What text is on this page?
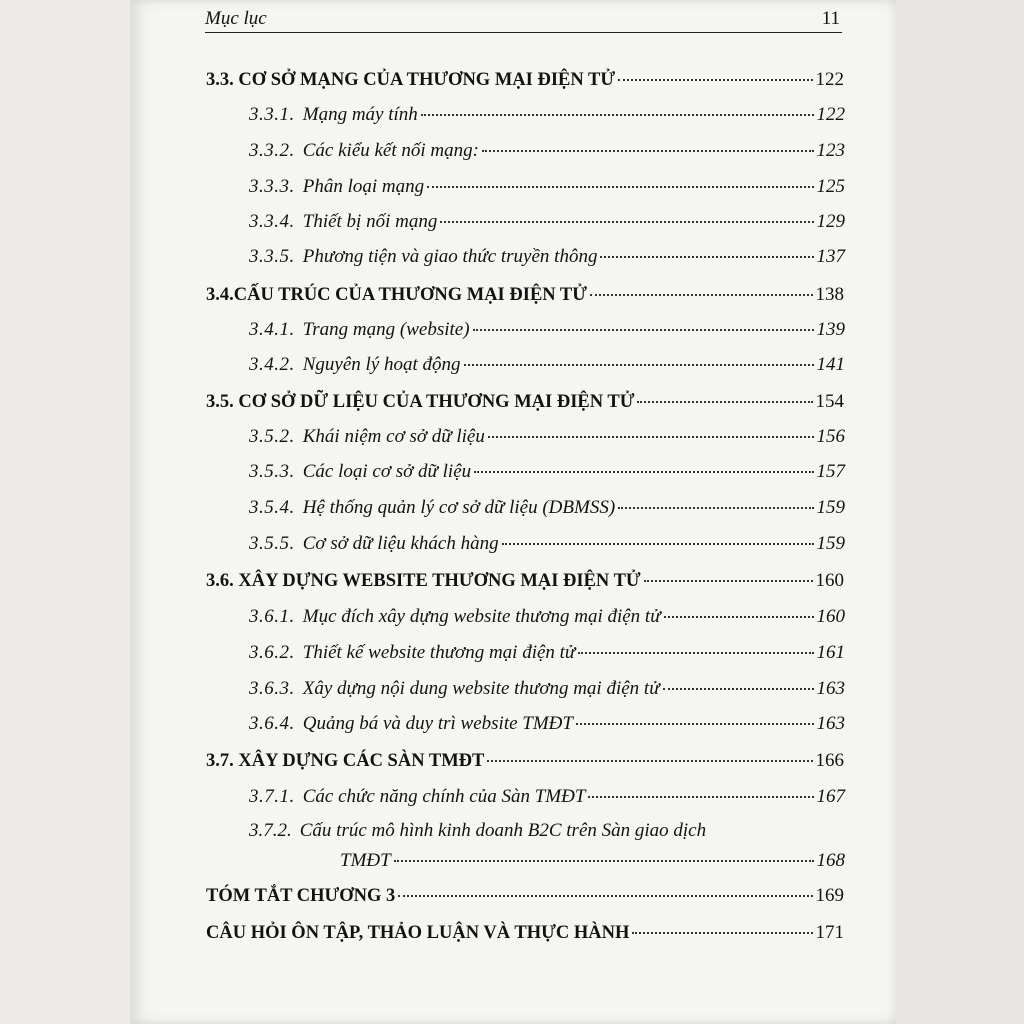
Mục lục	11
3.3. CƠ SỞ MẠNG CỦA THƯƠNG MẠI ĐIỆN TỬ	122
3.3.1. Mạng máy tính	122
3.3.2. Các kiểu kết nối mạng:	123
3.3.3. Phân loại mạng	125
3.3.4. Thiết bị nối mạng	129
3.3.5. Phương tiện và giao thức truyền thông	137
3.4.CẤU TRÚC CỦA THƯƠNG MẠI ĐIỆN TỬ	138
3.4.1. Trang mạng (website)	139
3.4.2. Nguyên lý hoạt động	141
3.5. CƠ SỞ DỮ LIỆU CỦA THƯƠNG MẠI ĐIỆN TỬ	154
3.5.2. Khái niệm cơ sở dữ liệu	156
3.5.3. Các loại cơ sở dữ liệu	157
3.5.4. Hệ thống quản lý cơ sở dữ liệu (DBMSS)	159
3.5.5. Cơ sở dữ liệu khách hàng	159
3.6. XÂY DỰNG WEBSITE THƯƠNG MẠI ĐIỆN TỬ	160
3.6.1. Mục đích xây dựng website thương mại điện tử	160
3.6.2. Thiết kế website thương mại điện tử	161
3.6.3. Xây dựng nội dung website thương mại điện tử	163
3.6.4. Quảng bá và duy trì website TMĐT	163
3.7. XÂY DỰNG CÁC SÀN TMĐT	166
3.7.1. Các chức năng chính của Sàn TMĐT	167
3.7.2. Cấu trúc mô hình kinh doanh B2C trên Sàn giao dịch
TMĐT	168
TÓM TẮT CHƯƠNG 3	169
CÂU HỎI ÔN TẬP, THẢO LUẬN VÀ THỰC HÀNH	171
